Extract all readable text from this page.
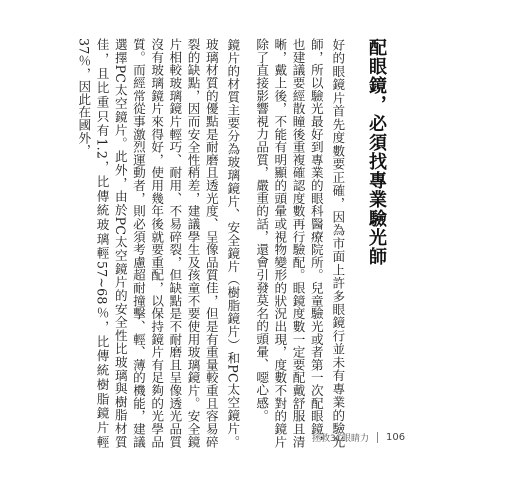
配眼鏡，必須找專業驗光師

好的眼鏡片首先度數要正確，因為市面上許多眼鏡行並未有專業的驗光師，所以驗光最好到專業的眼科醫療院所。兒童驗光或者第一次配眼鏡，也建議要經散瞳後重複確認度數再行驗配。眼鏡度數一定要配戴舒服且清晰，戴上後，不能有明顯的頭暈或視物變形的狀況出現，度數不對的鏡片除了直接影響視力品質，嚴重的話，還會引發莫名的頭暈、噁心感。

鏡片的材質主要分為玻璃鏡片、安全鏡片（樹脂鏡片）和PC太空鏡片。玻璃材質的優點是耐磨且透光度、呈像品質佳，但是有重量較重且容易碎裂的缺點，因而安全性稍差，建議學生及孩童不要使用玻璃鏡片。安全鏡片相較玻璃鏡片輕巧、耐用、不易碎裂，但缺點是不耐磨且呈像透光品質沒有玻璃鏡片來得好，使用幾年後就要重配，以保持鏡片有足夠的光學品質。而經常從事激烈運動者，則必須考慮超耐撞擊、輕、薄的機能，建議選擇PC太空鏡片。此外，由於PC太空鏡片的安全性比玻璃與樹脂材質佳，且比重只有1.2，比傳統玻璃輕57∼68％，比傳統樹脂鏡片輕37％，因此在國外，

拯救3C眼睛力 106
